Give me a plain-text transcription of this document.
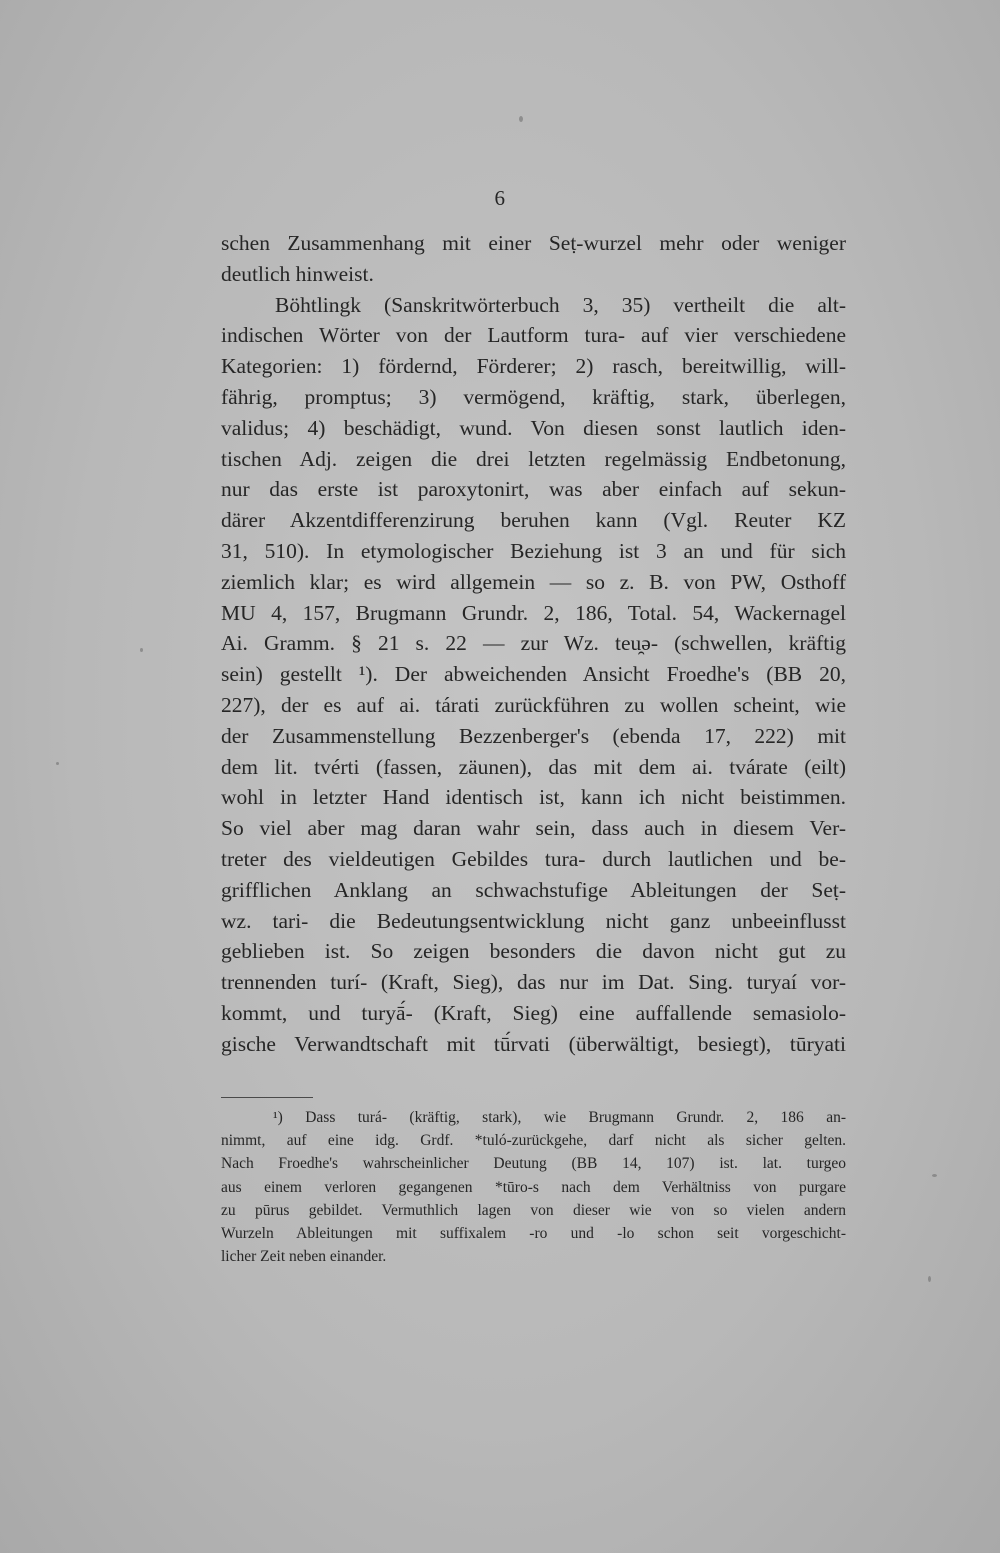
6
schen Zusammenhang mit einer Seṭ-wurzel mehr oder weniger
deutlich hinweist.
Böhtlingk (Sanskritwörterbuch 3, 35) vertheilt die alt-
indischen Wörter von der Lautform tura- auf vier verschiedene
Kategorien: 1) fördernd, Förderer; 2) rasch, bereitwillig, will-
fährig, promptus; 3) vermögend, kräftig, stark, überlegen,
validus; 4) beschädigt, wund. Von diesen sonst lautlich iden-
tischen Adj. zeigen die drei letzten regelmässig Endbetonung,
nur das erste ist paroxytonirt, was aber einfach auf sekun-
därer Akzentdifferenzirung beruhen kann (Vgl. Reuter KZ
31, 510). In etymologischer Beziehung ist 3 an und für sich
ziemlich klar; es wird allgemein — so z. B. von PW, Osthoff
MU 4, 157, Brugmann Grundr. 2, 186, Total. 54, Wackernagel
Ai. Gramm. § 21 s. 22 — zur Wz. teu̯ə- (schwellen, kräftig
sein) gestellt ¹). Der abweichenden Ansicht Froedhe's (BB 20,
227), der es auf ai. tárati zurückführen zu wollen scheint, wie
der Zusammenstellung Bezzenberger's (ebenda 17, 222) mit
dem lit. tvérti (fassen, zäunen), das mit dem ai. tvárate (eilt)
wohl in letzter Hand identisch ist, kann ich nicht beistimmen.
So viel aber mag daran wahr sein, dass auch in diesem Ver-
treter des vieldeutigen Gebildes tura- durch lautlichen und be-
grifflichen Anklang an schwachstufige Ableitungen der Seṭ-
wz. tari- die Bedeutungsentwicklung nicht ganz unbeeinflusst
geblieben ist. So zeigen besonders die davon nicht gut zu
trennenden turí- (Kraft, Sieg), das nur im Dat. Sing. turyaí vor-
kommt, und turyā́- (Kraft, Sieg) eine auffallende semasiolo-
gische Verwandtschaft mit tū́rvati (überwältigt, besiegt), tūryati
¹) Dass turá- (kräftig, stark), wie Brugmann Grundr. 2, 186 an-
nimmt, auf eine idg. Grdf. *tuló-zurückgehe, darf nicht als sicher gelten.
Nach Froedhe's wahrscheinlicher Deutung (BB 14, 107) ist. lat. turgeo
aus einem verloren gegangenen *tūro-s nach dem Verhältniss von purgare
zu pūrus gebildet. Vermuthlich lagen von dieser wie von so vielen andern
Wurzeln Ableitungen mit suffixalem -ro und -lo schon seit vorgeschicht-
licher Zeit neben einander.
